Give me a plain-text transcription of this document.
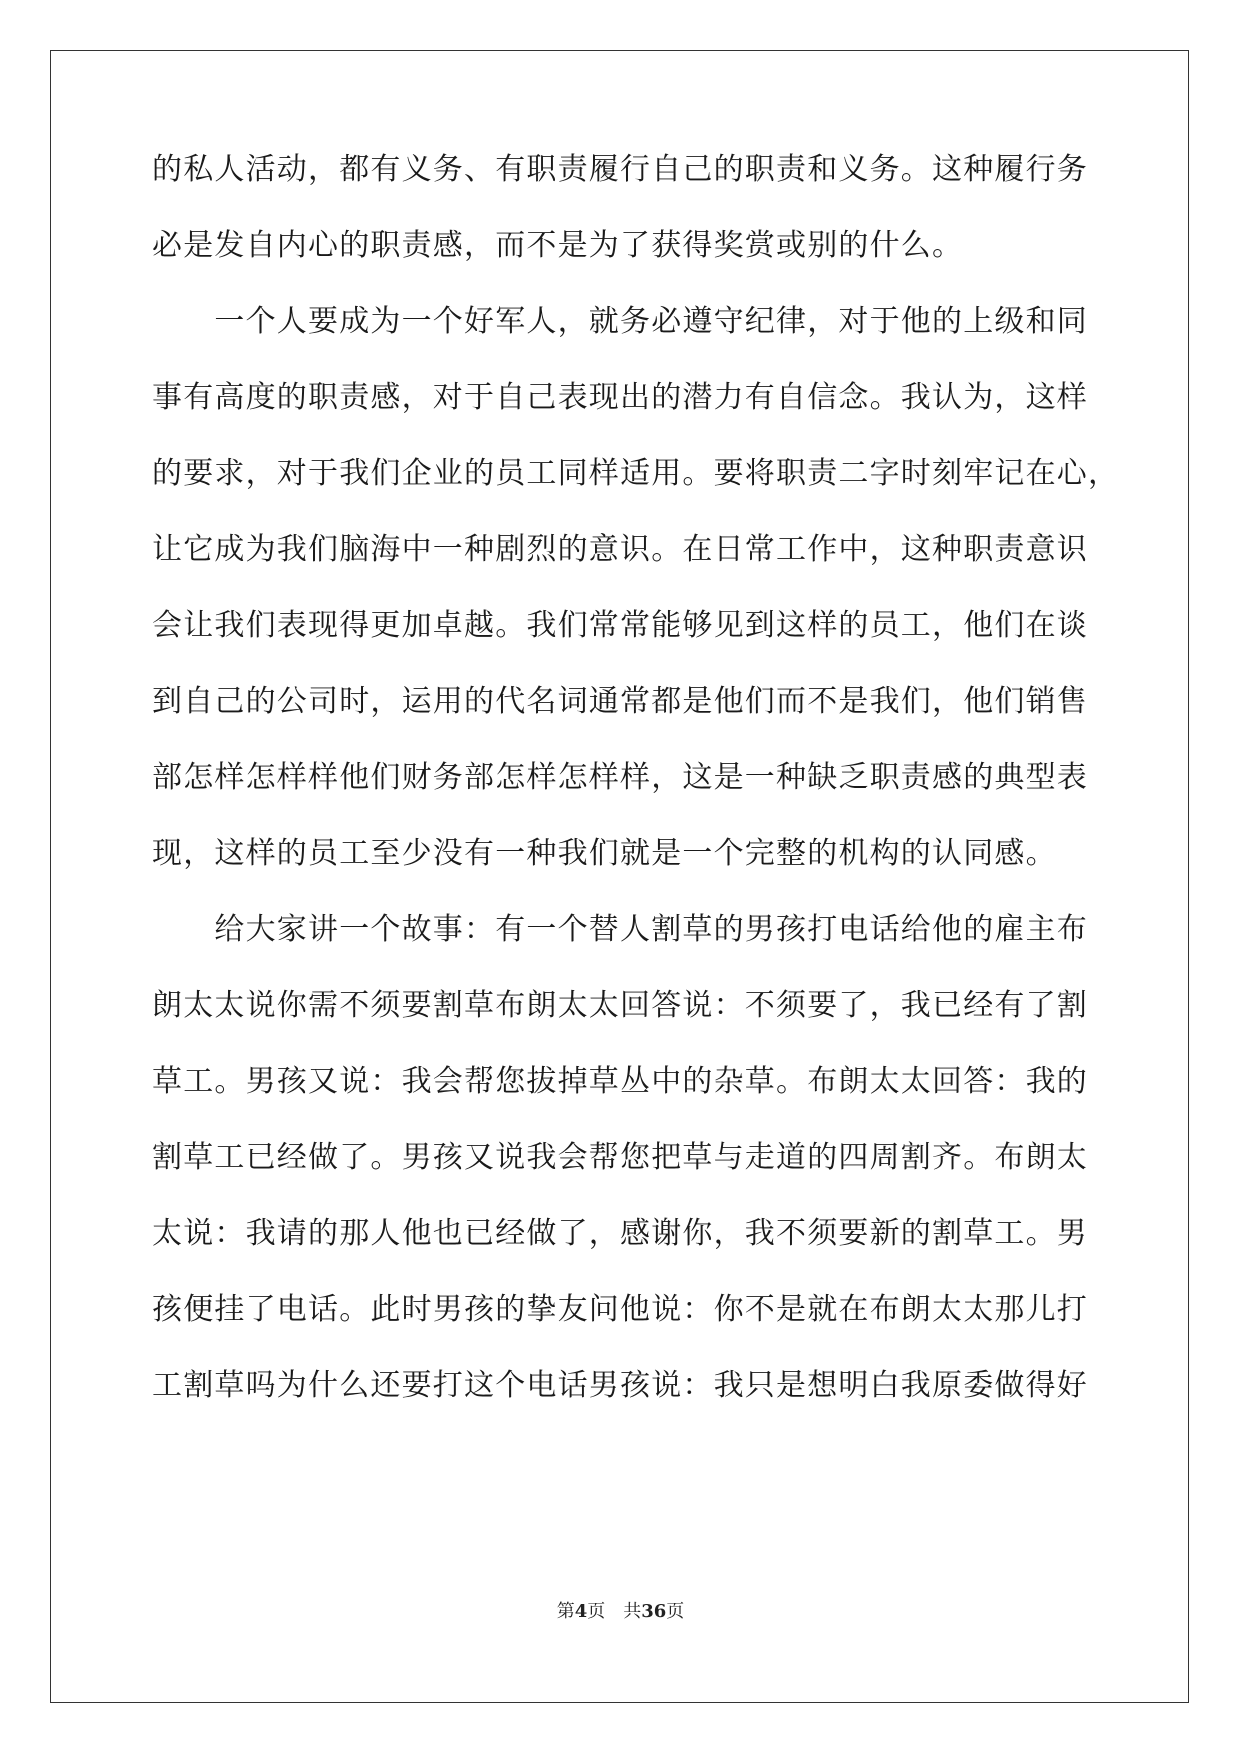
的私人活动，都有义务、有职责履行自己的职责和义务。这种履行务
必是发自内心的职责感，而不是为了获得奖赏或别的什么。
　　一个人要成为一个好军人，就务必遵守纪律，对于他的上级和同
事有高度的职责感，对于自己表现出的潜力有自信念。我认为，这样
的要求，对于我们企业的员工同样适用。要将职责二字时刻牢记在心，
让它成为我们脑海中一种剧烈的意识。在日常工作中，这种职责意识
会让我们表现得更加卓越。我们常常能够见到这样的员工，他们在谈
到自己的公司时，运用的代名词通常都是他们而不是我们，他们销售
部怎样怎样样他们财务部怎样怎样样，这是一种缺乏职责感的典型表
现，这样的员工至少没有一种我们就是一个完整的机构的认同感。
　　给大家讲一个故事：有一个替人割草的男孩打电话给他的雇主布
朗太太说你需不须要割草布朗太太回答说：不须要了，我已经有了割
草工。男孩又说：我会帮您拔掉草丛中的杂草。布朗太太回答：我的
割草工已经做了。男孩又说我会帮您把草与走道的四周割齐。布朗太
太说：我请的那人他也已经做了，感谢你，我不须要新的割草工。男
孩便挂了电话。此时男孩的挚友问他说：你不是就在布朗太太那儿打
工割草吗为什么还要打这个电话男孩说：我只是想明白我原委做得好
第4页　共36页
